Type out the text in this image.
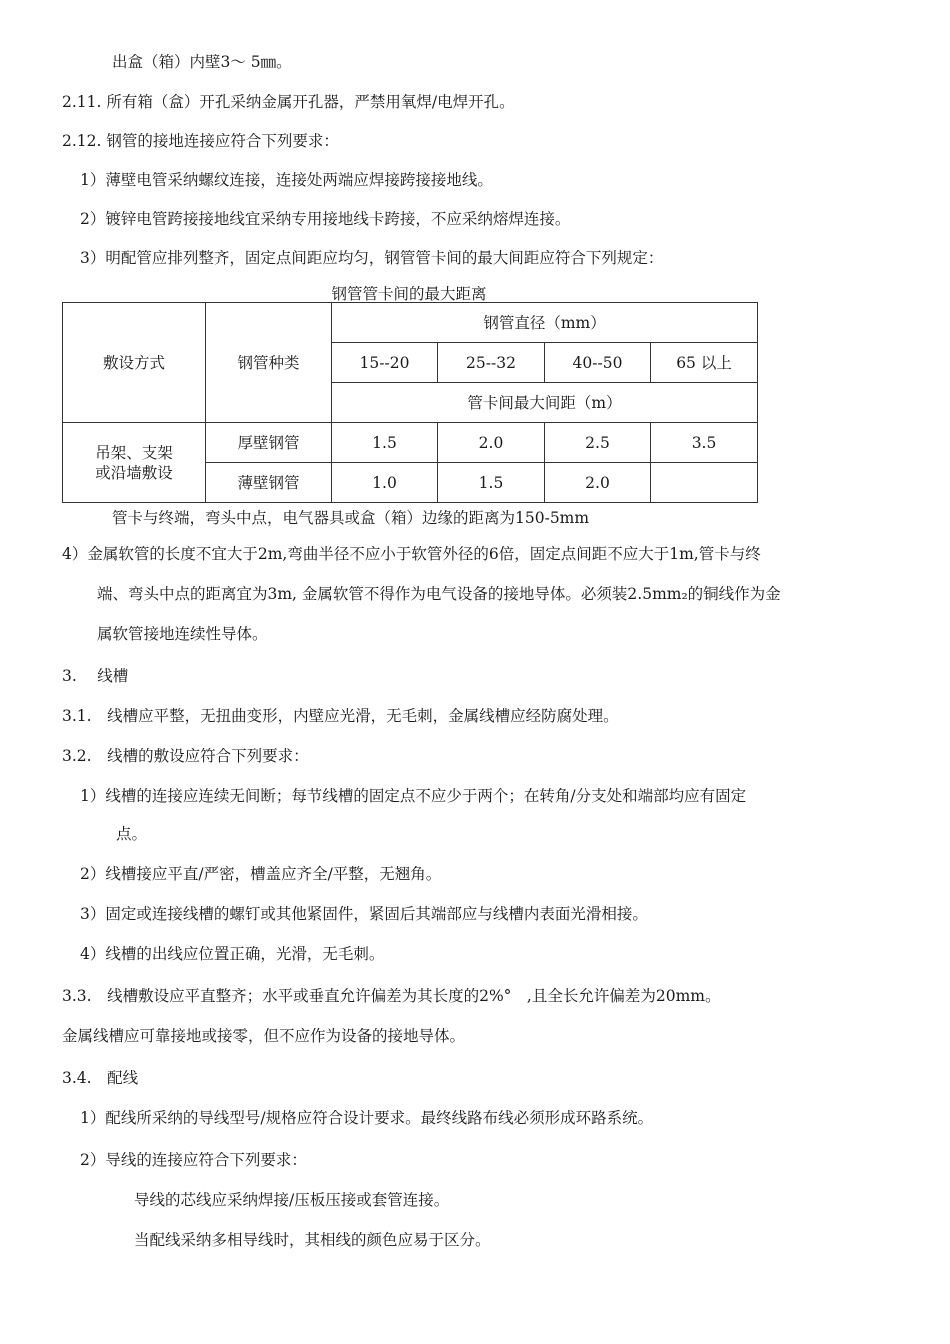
出盒（箱）内壁3～ 5㎜。
2.11. 所有箱（盒）开孔采纳金属开孔器，严禁用氧焊/电焊开孔。
2.12. 钢管的接地连接应符合下列要求：
1）薄壁电管采纳螺纹连接，连接处两端应焊接跨接接地线。
2）镀锌电管跨接接地线宜采纳专用接地线卡跨接，不应采纳熔焊连接。
3）明配管应排列整齐，固定点间距应均匀，钢管管卡间的最大间距应符合下列规定：
钢管管卡间的最大距离
敷设方式	钢管种类	钢管直径（mm）			
		15--20	25--32	40--50	65 以上
		管卡间最大间距（m）			

吊架、支架
或沿墙敷设	厚壁钢管	1.5	2.0	2.5	3.5
	薄壁钢管	1.0	1.5	2.0	
管卡与终端，弯头中点，电气器具或盒（箱）边缘的距离为150-5mm
4）金属软管的长度不宜大于2m,弯曲半径不应小于软管外径的6倍，固定点间距不应大于1m,管卡与终
端、弯头中点的距离宜为3m, 金属软管不得作为电气设备的接地导体。必须装2.5mm₂的铜线作为金
属软管接地连续性导体。
3.　 线槽
3.1.　线槽应平整，无扭曲变形，内壁应光滑，无毛刺，金属线槽应经防腐处理。
3.2.　线槽的敷设应符合下列要求：
1）线槽的连接应连续无间断；每节线槽的固定点不应少于两个；在转角/分支处和端部均应有固定
点。
2）线槽接应平直/严密，槽盖应齐全/平整，无翘角。
3）固定或连接线槽的螺钉或其他紧固件，紧固后其端部应与线槽内表面光滑相接。
4）线槽的出线应位置正确，光滑，无毛刺。
3.3.　线槽敷设应平直整齐；水平或垂直允许偏差为其长度的2%°　,且全长允许偏差为20mm。
金属线槽应可靠接地或接零，但不应作为设备的接地导体。
3.4.　配线
1）配线所采纳的导线型号/规格应符合设计要求。最终线路布线必须形成环路系统。
2）导线的连接应符合下列要求：
导线的芯线应采纳焊接/压板压接或套管连接。
当配线采纳多相导线时，其相线的颜色应易于区分。
